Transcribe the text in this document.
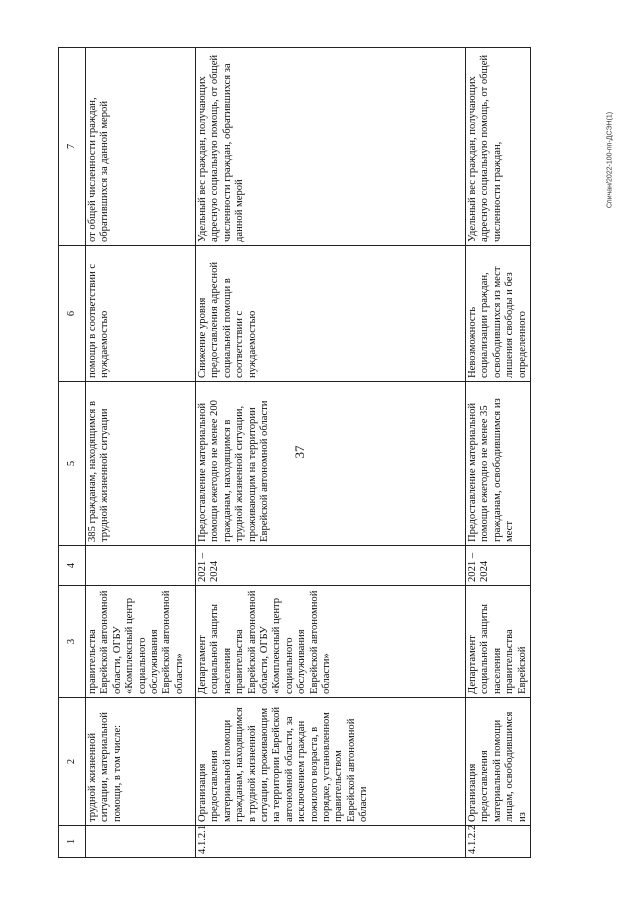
37
Спичан/2022-100-пп-ДСЭН(1)
1	2	3	4	5	6	7
	трудной жизненной ситуации, материальной помощи, в том числе:	правительства Еврейской автономной области, ОГБУ «Комплексный центр социального обслуживания Еврейской автономной области»		385 гражданам, находящимся в трудной жизненной ситуации	помощи в соответствии с нуждаемостью	от общей численности граждан, обратившихся за данной мерой
4.1.2.1	Организация предоставления материальной помощи гражданам, находящимся в трудной жизненной ситуации, проживающим на территории Еврейской автономной области, за исключением граждан пожилого возраста, в порядке, установленном правительством Еврейской автономной области	Департамент социальной защиты населения правительства Еврейской автономной области, ОГБУ «Комплексный центр социального обслуживания Еврейской автономной области»	2021 – 2024	Предоставление материальной помощи ежегодно не менее 200 гражданам, находящимся в трудной жизненной ситуации, проживающим на территории Еврейской автономной области	Снижение уровня предоставления адресной социальной помощи в соответствии с нуждаемостью	Удельный вес граждан, получающих адресную социальную помощь, от общей численности граждан, обратившихся за данной мерой
4.1.2.2	Организация предоставления материальной помощи лицам, освободившимся из	Департамент социальной защиты населения правительства Еврейской	2021 – 2024	Предоставление материальной помощи ежегодно не менее 35 гражданам, освободившимся из мест	Невозможность социализации граждан, освободившихся из мест лишения свободы и без определенного	Удельный вес граждан, получающих адресную социальную помощь, от общей численности граждан,
